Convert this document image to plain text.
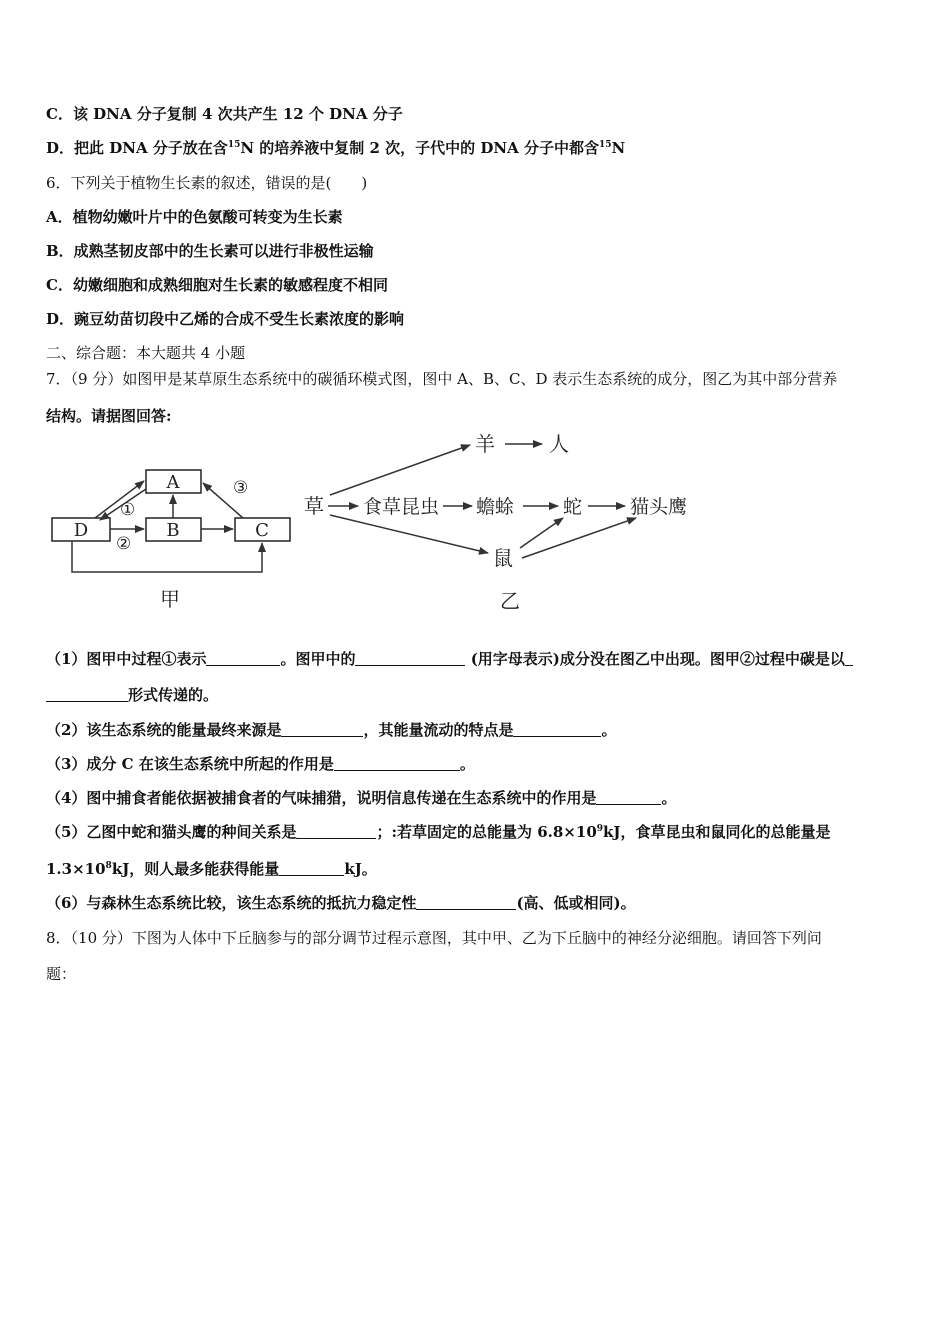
C．该 DNA 分子复制 4 次共产生 12 个 DNA 分子
D．把此 DNA 分子放在含$^{15}$N 的培养液中复制 2 次，子代中的 DNA 分子中都含$^{15}$N
6．下列关于植物生长素的叙述，错误的是(　　)
A．植物幼嫩叶片中的色氨酸可转变为生长素
B．成熟茎韧皮部中的生长素可以进行非极性运输
C．幼嫩细胞和成熟细胞对生长素的敏感程度不相同
D．豌豆幼苗切段中乙烯的合成不受生长素浓度的影响
二、综合题：本大题共 4 小题
7．（9 分）如图甲是某草原生态系统中的碳循环模式图，图中 A、B、C、D 表示生态系统的成分，图乙为其中部分营养
结构。请据图回答:
A
D	B	C
①
②
③
甲
草
羊	人
食草昆虫 蟾蜍	蛇	猫头鹰
鼠
乙
（1）图甲中过程①表示	。图甲中的	(用字母表示)成分没在图乙中出现。图甲②过程中碳是以
形式传递的。
（2）该生态系统的能量最终来源是	，其能量流动的特点是	。
（3）成分 C 在该生态系统中所起的作用是	。
（4）图中捕食者能依据被捕食者的气味捕猎，说明信息传递在生态系统中的作用是	。
（5）乙图中蛇和猫头鹰的种间关系是	；:若草固定的总能量为 $6.8\times 10^9kJ$，食草昆虫和鼠同化的总能量是
$1.3\times 10^8kJ$，则人最多能获得能量	kJ。
（6）与森林生态系统比较，该生态系统的抵抗力稳定性	(高、低或相同)。
8．（10 分）下图为人体中下丘脑参与的部分调节过程示意图，其中甲、乙为下丘脑中的神经分泌细胞。请回答下列问
题：
